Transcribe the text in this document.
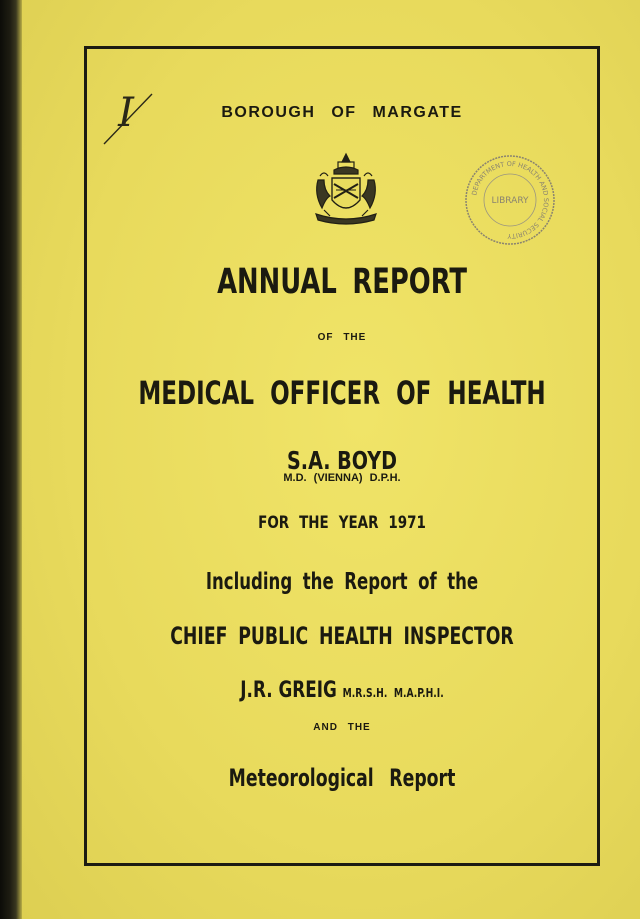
I	BOROUGH OF MARGATE
DEPARTMENT OF HEALTH AND SOCIAL SECURITY
LIBRARY
ANNUAL REPORT
OF THE
MEDICAL OFFICER OF HEALTH
S.A. BOYD
M.D. (VIENNA) D.P.H.
FOR THE YEAR 1971
Including the Report of the
CHIEF PUBLIC HEALTH INSPECTOR
J.R. GREIG M.R.S.H. M.A.P.H.I.
AND THE
Meteorological Report
